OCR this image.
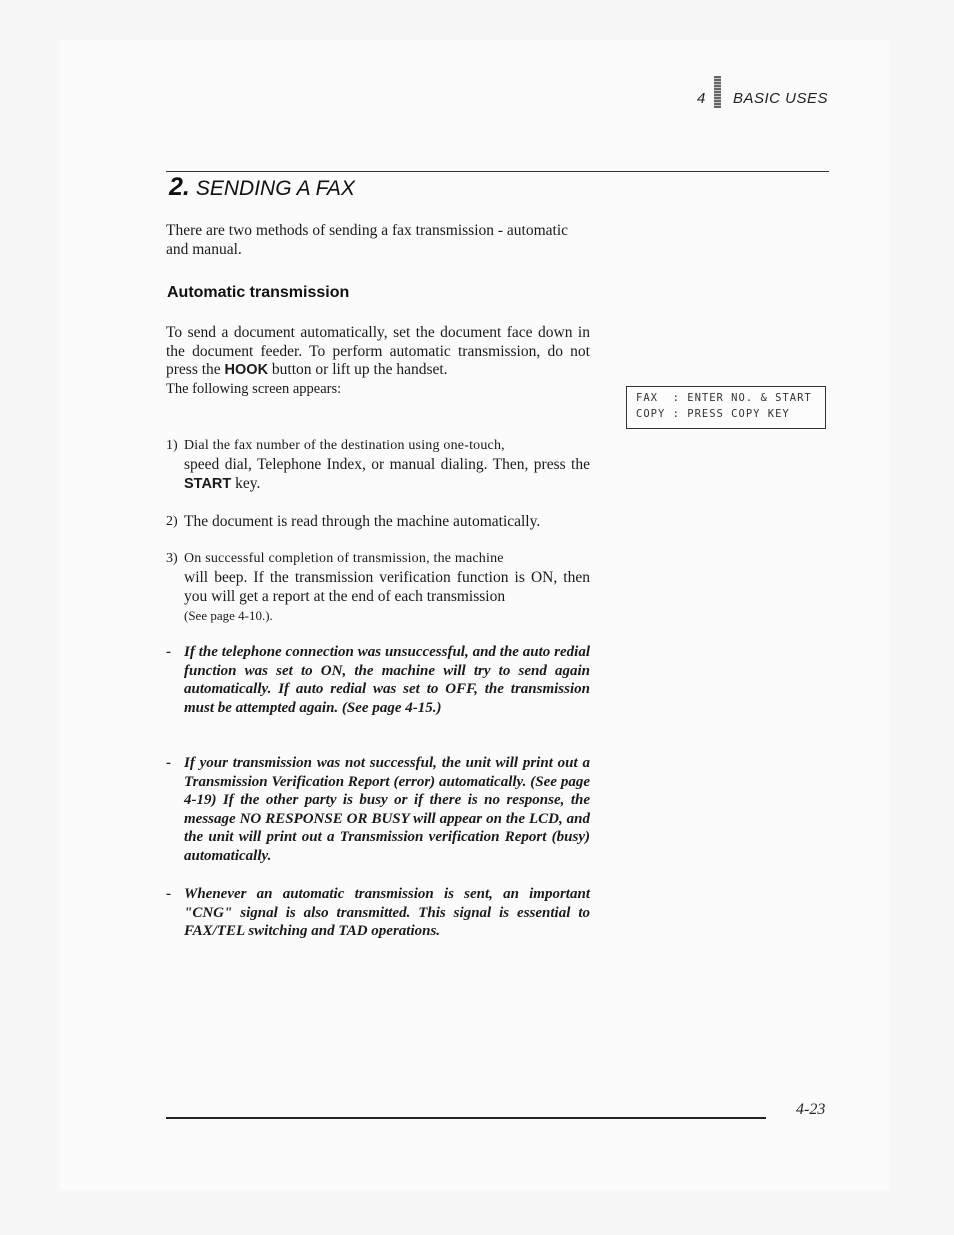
4 BASIC USES
2. SENDING A FAX

There are two methods of sending a fax transmission - automatic and manual.

Automatic transmission

To send a document automatically, set the document face down in the document feeder. To perform automatic transmission, do not press the HOOK button or lift up the handset.
The following screen appears:

FAX  : ENTER NO. & START
COPY : PRESS COPY KEY
1) Dial the fax number of the destination using one-touch,
speed dial, Telephone Index, or manual dialing. Then, press the START key.
2) The document is read through the machine automatically.
3) On successful completion of transmission, the machine
will beep. If the transmission verification function is ON, then you will get a report at the end of each transmission
(See page 4-10.).
- If the telephone connection was unsuccessful, and the auto redial function was set to ON, the machine will try to send again automatically. If auto redial was set to OFF, the transmission must be attempted again. (See page 4-15.)
- If your transmission was not successful, the unit will print out a Transmission Verification Report (error) automatically. (See page 4-19) If the other party is busy or if there is no response, the message NO RESPONSE OR BUSY will appear on the LCD, and the unit will print out a Transmission verification Report (busy) automatically.
- Whenever an automatic transmission is sent, an important "CNG" signal is also transmitted. This signal is essential to FAX/TEL switching and TAD operations.
4-23
